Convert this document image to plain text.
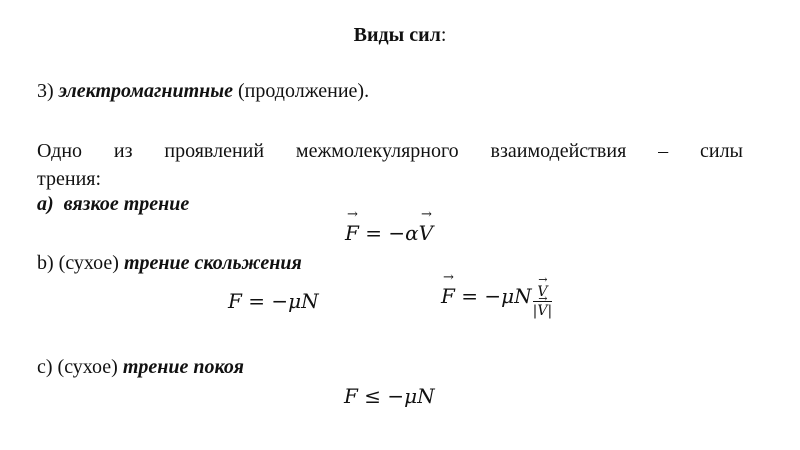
Виды сил:
3) электромагнитные (продолжение).
Одно из проявлений межмолекулярного взаимодействия – силы
трения:
a) вязкое трение
F → = −αV →
b) (сухое) трение скольжения
F = −μN	F → = $-\mu N \frac{V \to}{|V \to|}$
c) (сухое) трение покоя
F ≤ −μN
